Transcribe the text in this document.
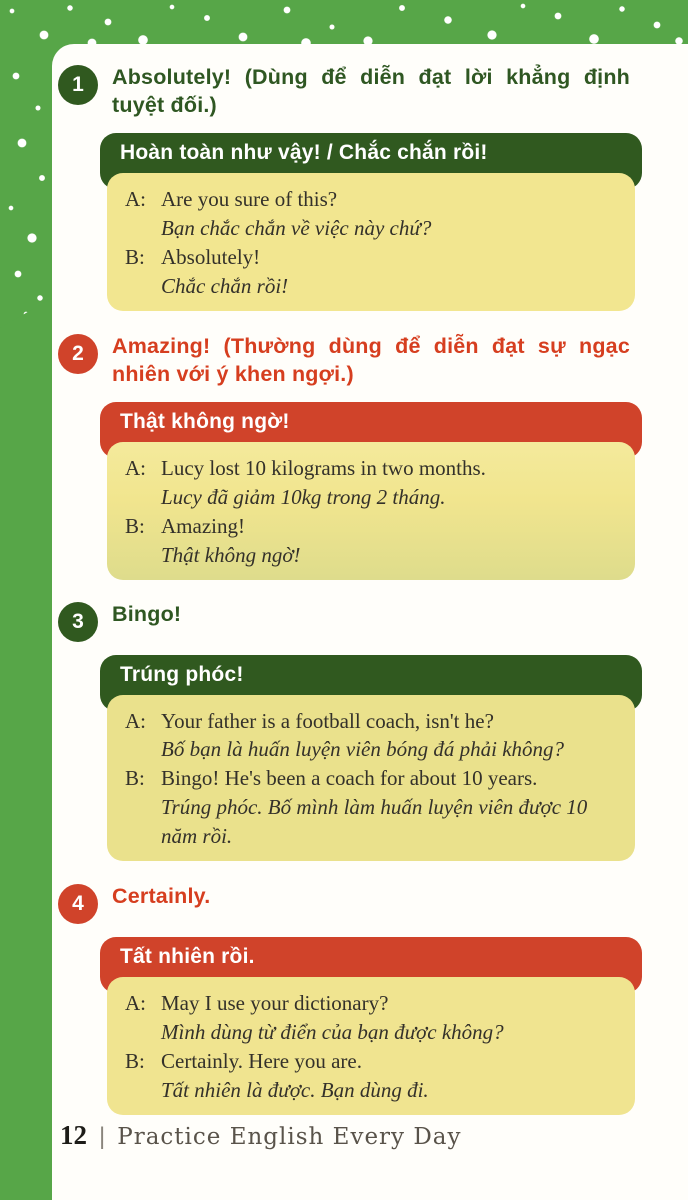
1	Absolutely! (Dùng để diễn đạt lời khẳng định tuyệt đối.)
Hoàn toàn như vậy! / Chắc chắn rồi!
A: Are you sure of this?
Bạn chắc chắn về việc này chứ?
B: Absolutely!
Chắc chắn rồi!
2	Amazing! (Thường dùng để diễn đạt sự ngạc nhiên với ý khen ngợi.)
Thật không ngờ!
A: Lucy lost 10 kilograms in two months.
Lucy đã giảm 10kg trong 2 tháng.
B: Amazing!
Thật không ngờ!
3	Bingo!
Trúng phóc!
A: Your father is a football coach, isn't he?
Bố bạn là huấn luyện viên bóng đá phải không?
B: Bingo! He's been a coach for about 10 years.
Trúng phóc. Bố mình làm huấn luyện viên được 10 năm rồi.
4	Certainly.
Tất nhiên rồi.
A: May I use your dictionary?
Mình dùng từ điển của bạn được không?
B: Certainly. Here you are.
Tất nhiên là được. Bạn dùng đi.
12 | Practice English Every Day
